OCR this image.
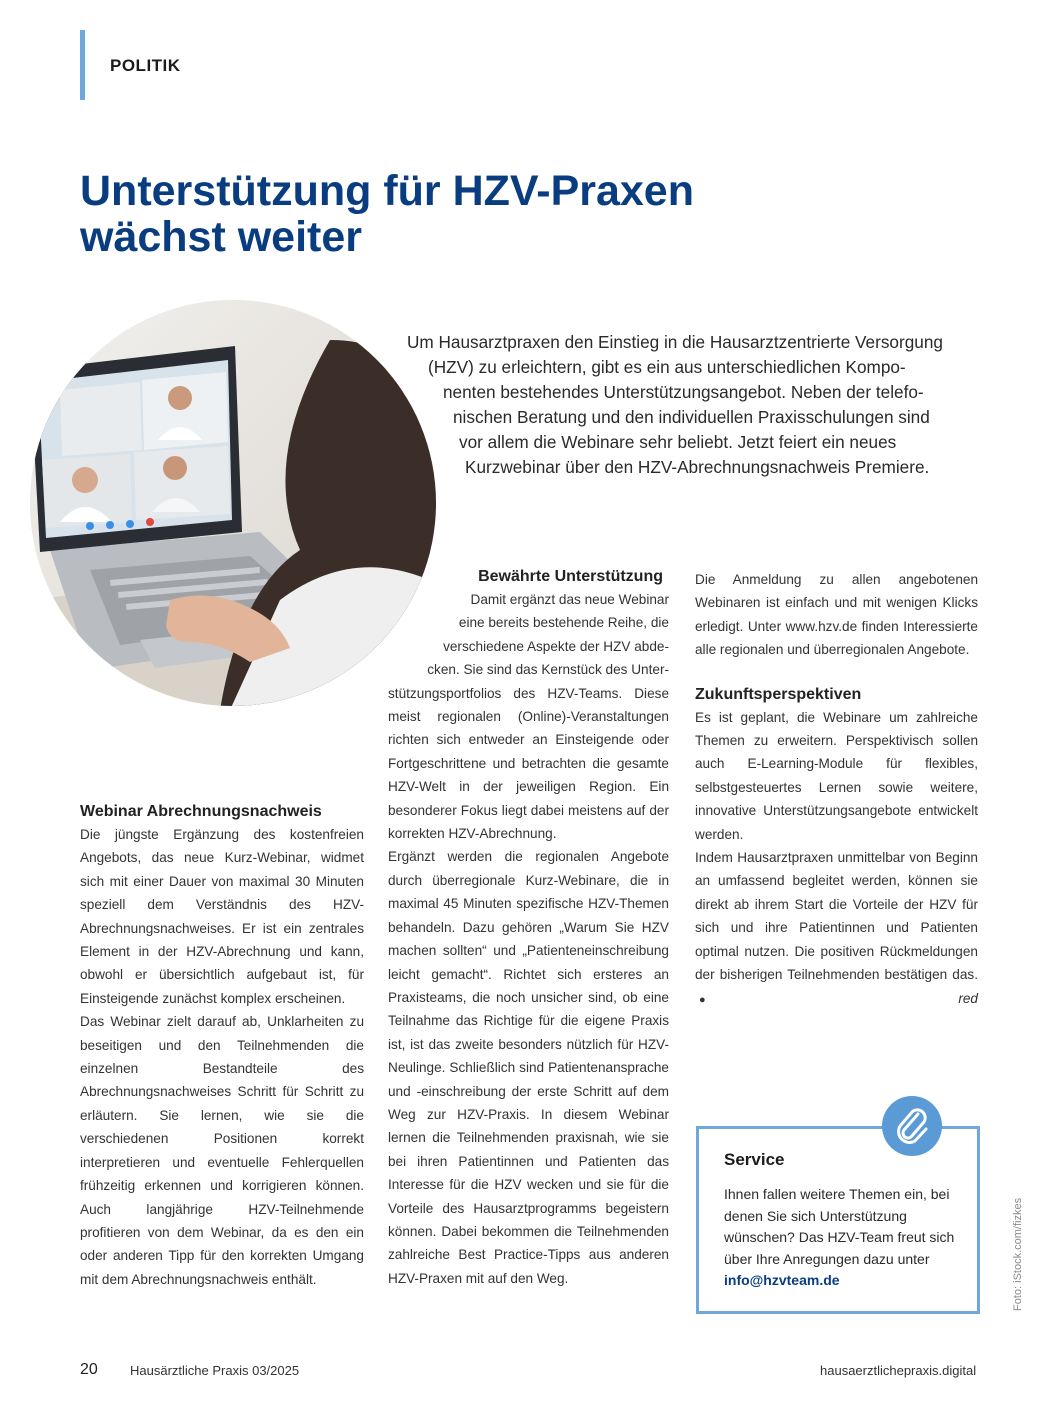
POLITIK
Unterstützung für HZV-Praxen
wächst weiter
Um Hausarztpraxen den Einstieg in die Hausarztzentrierte Versorgung
(HZV) zu erleichtern, gibt es ein aus unterschiedlichen Kompo-
nenten bestehendes Unterstützungsangebot. Neben der telefo-
nischen Beratung und den individuellen Praxisschulungen sind
vor allem die Webinare sehr beliebt. Jetzt feiert ein neues
Kurzwebinar über den HZV-Abrechnungsnachweis Premiere.
Webinar Abrechnungsnachweis

Die jüngste Ergänzung des kostenfreien Angebots, das neue Kurz-Webinar, widmet sich mit einer Dauer von maximal 30 Minuten speziell dem Verständnis des HZV-Abrechnungsnachweises. Er ist ein zentrales Element in der HZV-Abrechnung und kann, obwohl er übersichtlich aufgebaut ist, für Einsteigende zunächst komplex erscheinen.

Das Webinar zielt darauf ab, Unklarheiten zu beseitigen und den Teilnehmenden die einzelnen Bestandteile des Abrechnungsnachweises Schritt für Schritt zu erläutern. Sie lernen, wie sie die verschiedenen Positionen korrekt interpretieren und eventuelle Fehlerquellen frühzeitig erkennen und korrigieren können. Auch langjährige HZV-Teilnehmende profitieren von dem Webinar, da es den ein oder anderen Tipp für den korrekten Umgang mit dem Abrechnungsnachweis enthält.

Bewährte Unterstützung
Damit ergänzt das neue Webinar
eine bereits bestehende Reihe, die
verschiedene Aspekte der HZV abde-
cken. Sie sind das Kernstück des Unter-

stützungsportfolios des HZV-Teams. Diese meist regionalen (Online)-Veranstaltungen richten sich entweder an Einsteigende oder Fortgeschrittene und betrachten die gesamte HZV-Welt in der jeweiligen Region. Ein besonderer Fokus liegt dabei meistens auf der korrekten HZV-Abrechnung.

Ergänzt werden die regionalen Angebote durch überregionale Kurz-Webinare, die in maximal 45 Minuten spezifische HZV-Themen behandeln. Dazu gehören „Warum Sie HZV machen sollten“ und „Patienteneinschreibung leicht gemacht“. Richtet sich ersteres an Praxisteams, die noch unsicher sind, ob eine Teilnahme das Richtige für die eigene Praxis ist, ist das zweite besonders nützlich für HZV-Neulinge. Schließlich sind Patientenansprache und -einschreibung der erste Schritt auf dem Weg zur HZV-Praxis. In diesem Webinar lernen die Teilnehmenden praxisnah, wie sie bei ihren Patientinnen und Patienten das Interesse für die HZV wecken und sie für die Vorteile des Hausarztprogramms begeistern können. Dabei bekommen die Teilnehmenden zahlreiche Best Practice-Tipps aus anderen HZV-Praxen mit auf den Weg.

Die Anmeldung zu allen angebotenen Webinaren ist einfach und mit wenigen Klicks erledigt. Unter www.hzv.de finden Interessierte alle regionalen und überregionalen Angebote.

Zukunftsperspektiven

Es ist geplant, die Webinare um zahlreiche Themen zu erweitern. Perspektivisch sollen auch E-Learning-Module für flexibles, selbstgesteuertes Lernen sowie weitere, innovative Unterstützungsangebote entwickelt werden.

Indem Hausarztpraxen unmittelbar von Beginn an umfassend begleitet werden, können sie direkt ab ihrem Start die Vorteile der HZV für sich und ihre Patientinnen und Patienten optimal nutzen. Die positiven Rückmeldungen der bisherigen Teilnehmenden bestätigen das. ●	red

Service
Ihnen fallen weitere Themen ein, bei denen Sie sich Unterstützung wünschen? Das HZV-Team freut sich über Ihre Anregungen dazu unter info@hzvteam.de	Foto: iStock.com/fizkes
20 Hausärztliche Praxis 03/2025	hausaerztlichepraxis.digital
